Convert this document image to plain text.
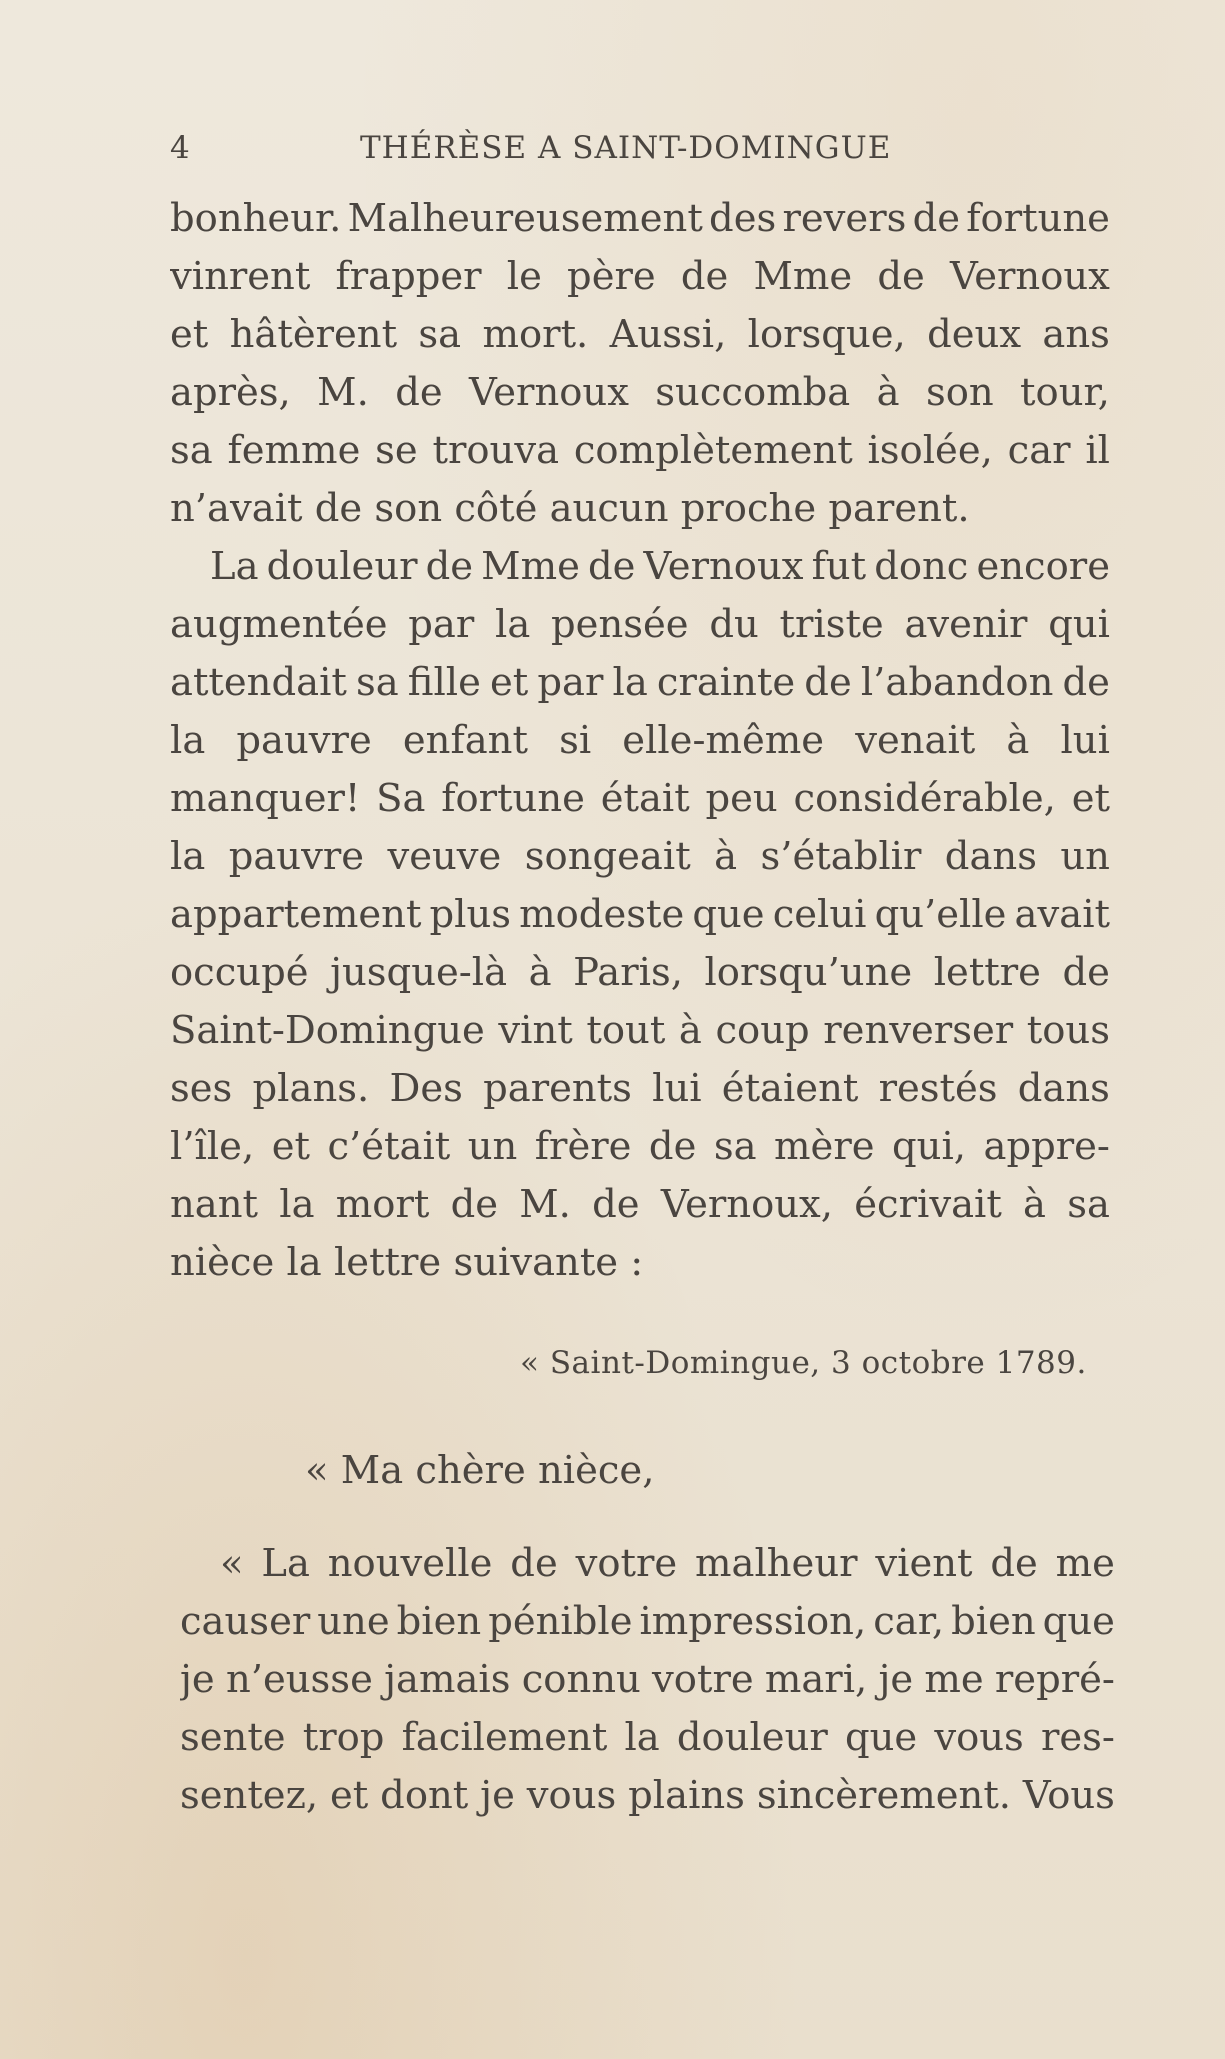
4	THÉRÈSE A SAINT-DOMINGUE
bonheur. Malheureusement des revers de fortune
vinrent frapper le père de Mme de Vernoux
et hâtèrent sa mort. Aussi, lorsque, deux ans
après, M. de Vernoux succomba à son tour,
sa femme se trouva complètement isolée, car il
n’avait de son côté aucun proche parent.
La douleur de Mme de Vernoux fut donc encore
augmentée par la pensée du triste avenir qui
attendait sa fille et par la crainte de l’abandon de
la pauvre enfant si elle-même venait à lui
manquer! Sa fortune était peu considérable, et
la pauvre veuve songeait à s’établir dans un
appartement plus modeste que celui qu’elle avait
occupé jusque-là à Paris, lorsqu’une lettre de
Saint-Domingue vint tout à coup renverser tous
ses plans. Des parents lui étaient restés dans
l’île, et c’était un frère de sa mère qui, appre-
nant la mort de M. de Vernoux, écrivait à sa
nièce la lettre suivante :
« Saint-Domingue, 3 octobre 1789.
« Ma chère nièce,
« La nouvelle de votre malheur vient de me
causer une bien pénible impression, car, bien que
je n’eusse jamais connu votre mari, je me repré-
sente trop facilement la douleur que vous res-
sentez, et dont je vous plains sincèrement. Vous
